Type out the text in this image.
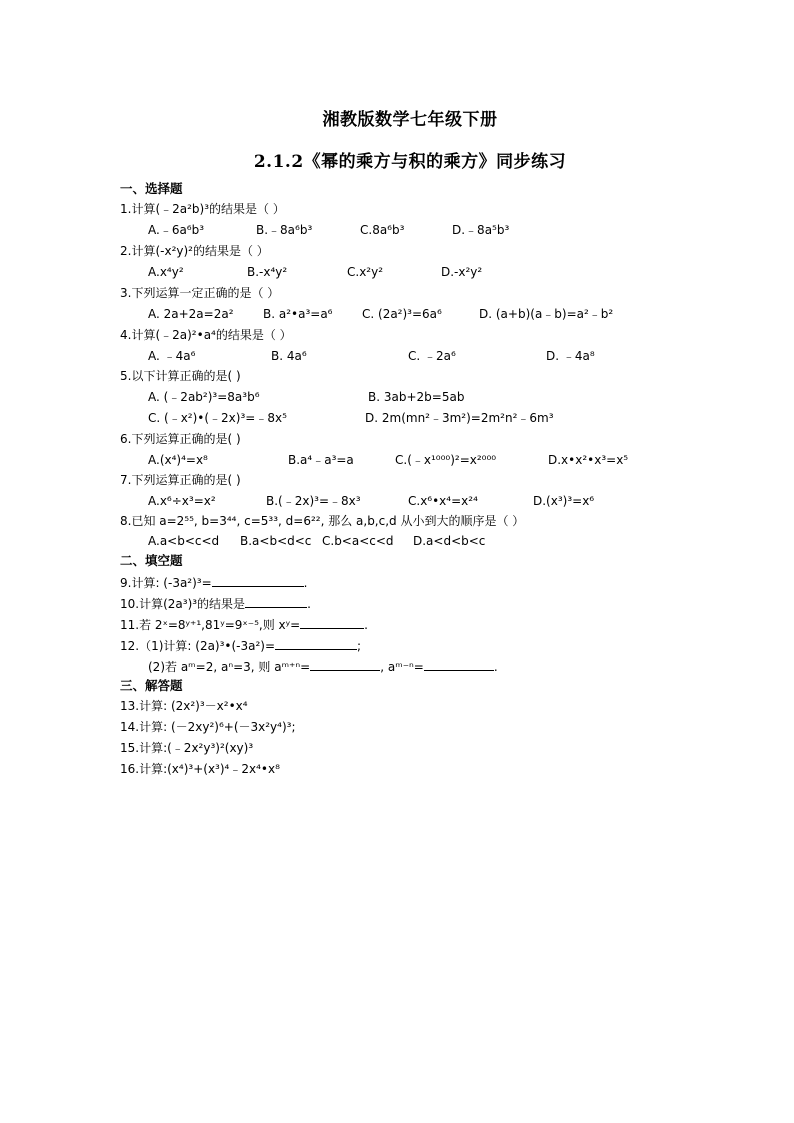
湘教版数学七年级下册
2.1.2《幂的乘方与积的乘方》同步练习
一、选择题
1.计算(﹣2a²b)³的结果是（ ）
A.﹣6a⁶b³	B.﹣8a⁶b³	C.8a⁶b³	D.﹣8a⁵b³
2.计算(-x²y)²的结果是（ ）
A.x⁴y²	B.-x⁴y²	C.x²y²	D.-x²y²
3.下列运算一定正确的是（ ）
A. 2a+2a=2a² B. a²•a³=a⁶ C. (2a²)³=6a⁶	D. (a+b)(a﹣b)=a²﹣b²
4.计算(﹣2a)²•a⁴的结果是（ ）
A. ﹣4a⁶	B. 4a⁶	C. ﹣2a⁶	D. ﹣4a⁸
5.以下计算正确的是( )
A. (﹣2ab²)³=8a³b⁶	B. 3ab+2b=5ab
C. (﹣x²)•(﹣2x)³=﹣8x⁵	D. 2m(mn²﹣3m²)=2m²n²﹣6m³
6.下列运算正确的是( )
A.(x⁴)⁴=x⁸	B.a⁴﹣a³=a	C.(﹣x¹⁰⁰⁰)²=x²⁰⁰⁰	D.x•x²•x³=x⁵
7.下列运算正确的是( )
A.x⁶÷x³=x²	B.(﹣2x)³=﹣8x³	C.x⁶•x⁴=x²⁴	D.(x³)³=x⁶
8.已知 a=2⁵⁵, b=3⁴⁴, c=5³³, d=6²², 那么 a,b,c,d 从小到大的顺序是（ ）
A.a<b<c<d B.a<b<d<c C.b<a<c<d D.a<d<b<c
二、填空题
9.计算: (-3a²)³=	.
10.计算(2a³)³的结果是	.
11.若 2ˣ=8ʸ⁺¹,81ʸ=9ˣ⁻⁵,则 xʸ=	.
12.（1)计算: (2a)³•(-3a²)=	;
(2)若 aᵐ=2, aⁿ=3, 则 aᵐ⁺ⁿ=	, aᵐ⁻ⁿ=	.
三、解答题
13.计算: (2x²)³－x²•x⁴
14.计算: (－2xy²)⁶+(－3x²y⁴)³;
15.计算:(﹣2x²y³)²(xy)³
16.计算:(x⁴)³+(x³)⁴﹣2x⁴•x⁸
